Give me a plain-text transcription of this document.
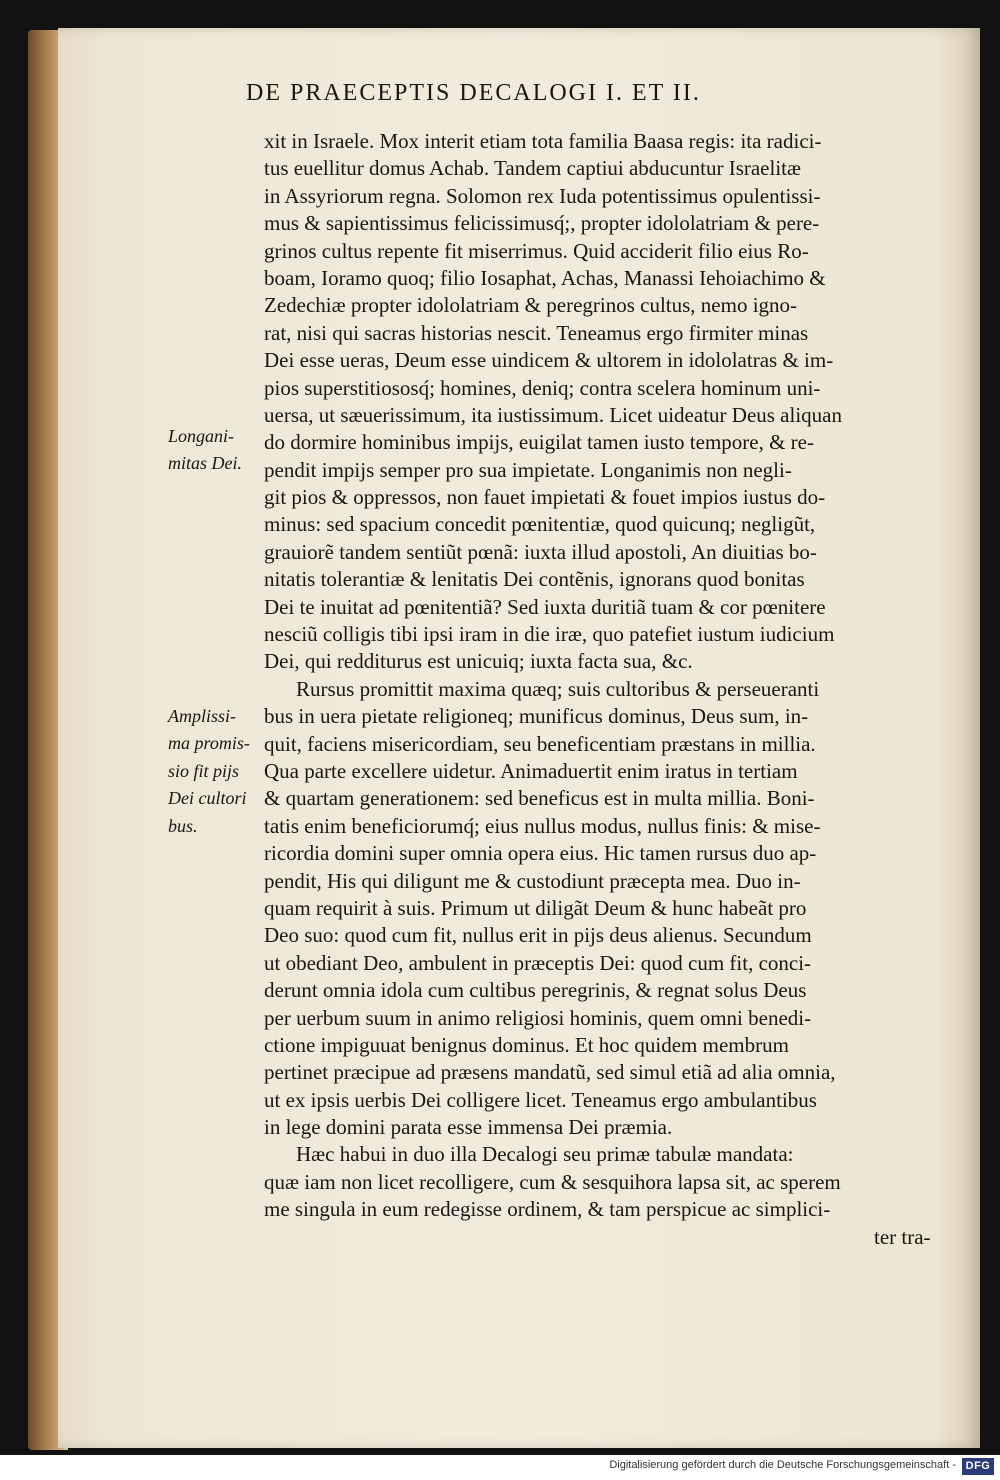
DE PRAECEPTIS DECALOGI I. ET II.
xit in Israele. Mox interit etiam tota familia Baasa regis: ita radici-
tus euellitur domus Achab. Tandem captiui abducuntur Israelitæ
in Assyriorum regna. Solomon rex Iuda potentissimus opulentissi-
mus & sapientissimus felicissimusq́;, propter idololatriam & pere-
grinos cultus repente fit miserrimus. Quid acciderit filio eius Ro-
boam, Ioramo quoq; filio Iosaphat, Achas, Manassi Iehoiachimo &
Zedechiæ propter idololatriam & peregrinos cultus, nemo igno-
rat, nisi qui sacras historias nescit. Teneamus ergo firmiter minas
Dei esse ueras, Deum esse uindicem & ultorem in idololatras & im-
pios superstitiososq́; homines, deniq; contra scelera hominum uni-
uersa, ut sæuerissimum, ita iustissimum. Licet uideatur Deus aliquan
do dormire hominibus impijs, euigilat tamen iusto tempore, & re-
pendit impijs semper pro sua impietate. Longanimis non negli-
git pios & oppressos, non fauet impietati & fouet impios iustus do-
minus: sed spacium concedit pœnitentiæ, quod quicunq; negligũt,
grauiorẽ tandem sentiũt pœnã: iuxta illud apostoli, An diuitias bo-
nitatis tolerantiæ & lenitatis Dei contẽnis, ignorans quod bonitas
Dei te inuitat ad pœnitentiã? Sed iuxta duritiã tuam & cor pœnitere
nesciũ colligis tibi ipsi iram in die iræ, quo patefiet iustum iudicium
Dei, qui redditurus est unicuiq; iuxta facta sua, &c.
Rursus promittit maxima quæq; suis cultoribus & perseueranti
bus in uera pietate religioneq; munificus dominus, Deus sum, in-
quit, faciens misericordiam, seu beneficentiam præstans in millia.
Qua parte excellere uidetur. Animaduertit enim iratus in tertiam
& quartam generationem: sed beneficus est in multa millia. Boni-
tatis enim beneficiorumq́; eius nullus modus, nullus finis: & mise-
ricordia domini super omnia opera eius. Hic tamen rursus duo ap-
pendit, His qui diligunt me & custodiunt præcepta mea. Duo in-
quam requirit à suis. Primum ut diligãt Deum & hunc habeãt pro
Deo suo: quod cum fit, nullus erit in pijs deus alienus. Secundum
ut obediant Deo, ambulent in præceptis Dei: quod cum fit, conci-
derunt omnia idola cum cultibus peregrinis, & regnat solus Deus
per uerbum suum in animo religiosi hominis, quem omni benedi-
ctione impiguuat benignus dominus. Et hoc quidem membrum
pertinet præcipue ad præsens mandatũ, sed simul etiã ad alia omnia,
ut ex ipsis uerbis Dei colligere licet. Teneamus ergo ambulantibus
in lege domini parata esse immensa Dei præmia.
Hæc habui in duo illa Decalogi seu primæ tabulæ mandata:
quæ iam non licet recolligere, cum & sesquihora lapsa sit, ac sperem
me singula in eum redegisse ordinem, & tam perspicue ac simplici-
ter tra-
Longani-
mitas Dei.
Amplissi-
ma promis-
sio fit pijs
Dei cultori
bus.
Digitalisierung gefördert durch die Deutsche Forschungsgemeinschaft - DFG
